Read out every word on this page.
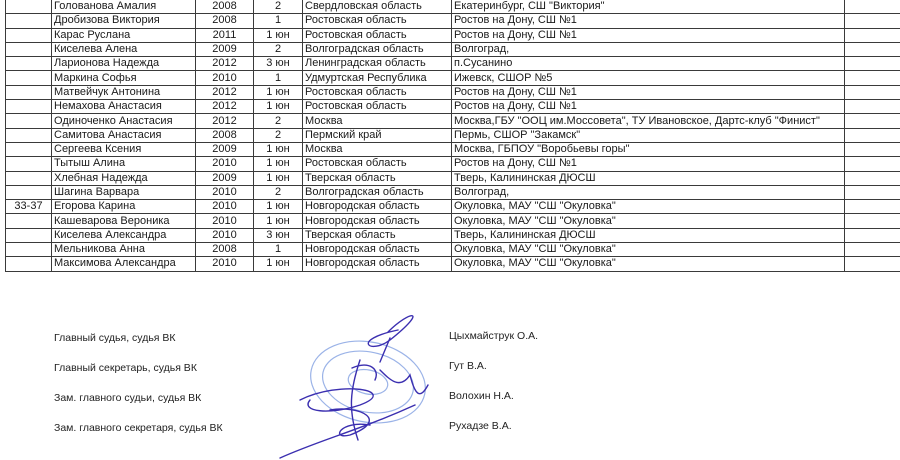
	Голованова Амалия	2008	2	Свердловская область	Екатеринбург, СШ "Виктория"	
	Дробизова Виктория	2008	1	Ростовская область	Ростов на Дону, СШ №1	
	Карас Руслана	2011	1 юн	Ростовская область	Ростов на Дону, СШ №1	
	Киселева Алена	2009	2	Волгоградская область	Волгоград,	
	Ларионова Надежда	2012	3 юн	Ленинградская область	п.Сусанино	
	Маркина Софья	2010	1	Удмуртская Республика	Ижевск, СШОР №5	
	Матвейчук Антонина	2012	1 юн	Ростовская область	Ростов на Дону, СШ №1	
	Немахова Анастасия	2012	1 юн	Ростовская область	Ростов на Дону, СШ №1	
	Одиноченко Анастасия	2012	2	Москва	Москва,ГБУ "ООЦ им.Моссовета", ТУ Ивановское, Дартс-клуб "Финист"	
	Самитова Анастасия	2008	2	Пермский край	Пермь, СШОР "Закамск"	
	Сергеева Ксения	2009	1 юн	Москва	Москва, ГБПОУ "Воробьевы горы"	
	Тытыш Алина	2010	1 юн	Ростовская область	Ростов на Дону, СШ №1	
	Хлебная Надежда	2009	1 юн	Тверская область	Тверь, Калининская ДЮСШ	
	Шагина Варвара	2010	2	Волгоградская область	Волгоград,	
33-37	Егорова Карина	2010	1 юн	Новгородская область	Окуловка, МАУ "СШ "Окуловка"	
	Кашеварова Вероника	2010	1 юн	Новгородская область	Окуловка, МАУ "СШ "Окуловка"	
	Киселева Александра	2010	3 юн	Тверская область	Тверь, Калининская ДЮСШ	
	Мельникова Анна	2008	1	Новгородская область	Окуловка, МАУ "СШ "Окуловка"	
	Максимова Александра	2010	1 юн	Новгородская область	Окуловка, МАУ "СШ "Окуловка"	
Главный судья, судья ВК
Главный секретарь, судья ВК
Зам. главного судьи, судья ВК
Зам. главного секретаря, судья ВК
Цыхмайструк О.А.
Гут В.А.
Волохин Н.А.
Рухадзе В.А.
